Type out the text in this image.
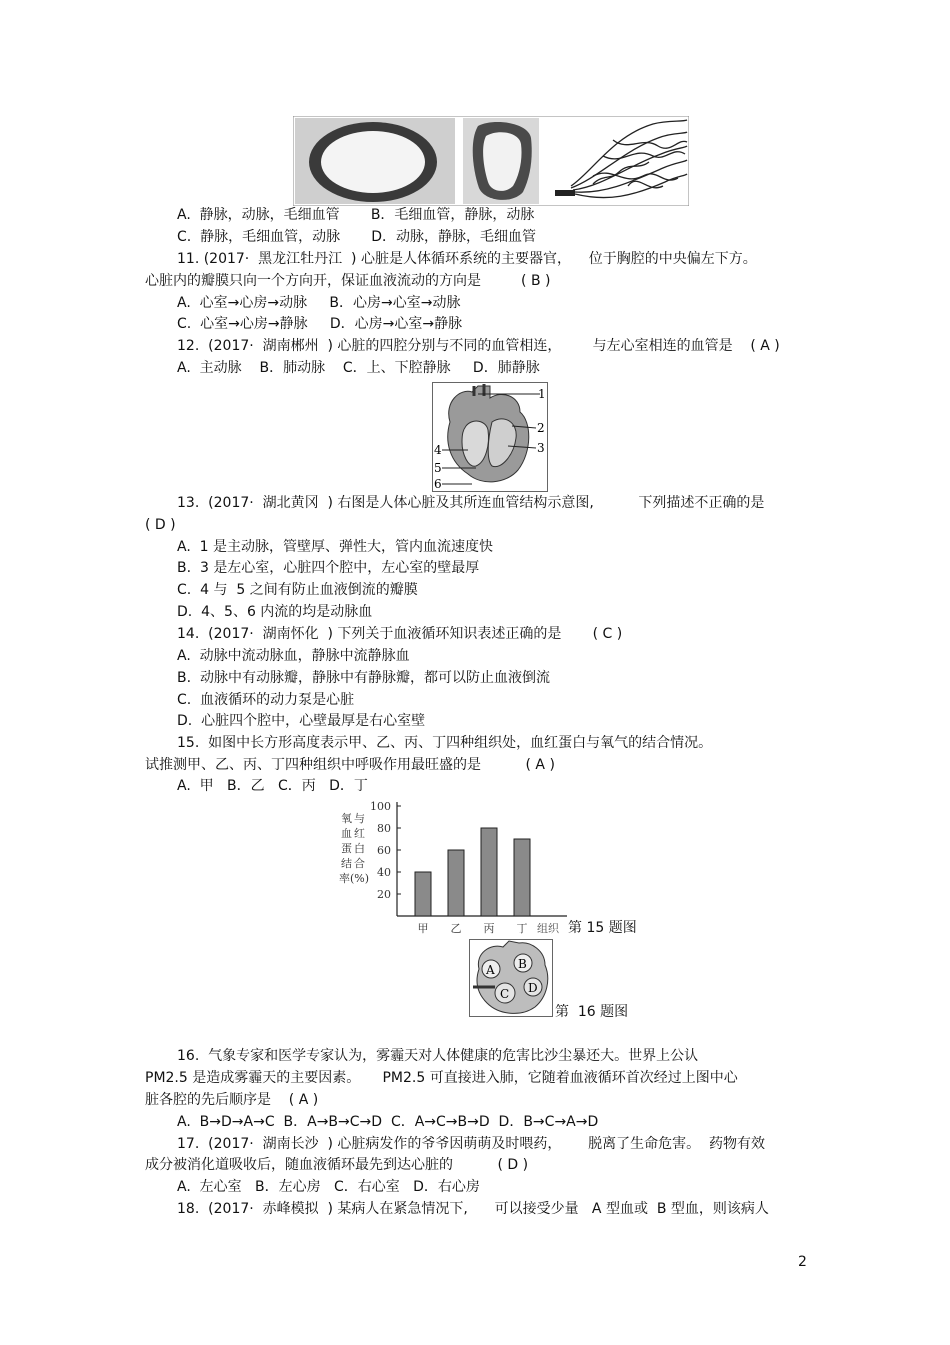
A.  静脉，动脉，毛细血管       B．毛细血管，静脉，动脉
C.  静脉，毛细血管，动脉       D．动脉，静脉，毛细血管
11. (2017·  黑龙江牡丹江  ) 心脏是人体循环系统的主要器官，    位于胸腔的中央偏左下方。
心脏内的瓣膜只向一个方向开，保证血液流动的方向是         ( B )
A.  心室→心房→动脉     B．心房→心室→动脉
C.  心室→心房→静脉     D．心房→心室→静脉
12.  (2017·  湖南郴州  ) 心脏的四腔分别与不同的血管相连，       与左心室相连的血管是    ( A )
A.  主动脉    B．肺动脉    C．上、下腔静脉     D．肺静脉
1
2
3
4
5
6
13.  (2017·  湖北黄冈  ) 右图是人体心脏及其所连血管结构示意图,          下列描述不正确的是
( D )
A.  1 是主动脉，管壁厚、弹性大，管内血流速度快
B.  3 是左心室，心脏四个腔中，左心室的壁最厚
C.  4 与  5 之间有防止血液倒流的瓣膜
D.  4、5、6 内流的均是动脉血
14.  (2017·  湖南怀化  ) 下列关于血液循环知识表述正确的是       ( C )
A.  动脉中流动脉血，静脉中流静脉血
B.  动脉中有动脉瓣，静脉中有静脉瓣，都可以防止血液倒流
C.  血液循环的动力泵是心脏
D.  心脏四个腔中，心壁最厚是右心室壁
15.  如图中长方形高度表示甲、乙、丙、丁四种组织处，血红蛋白与氧气的结合情况。
试推测甲、乙、丙、丁四种组织中呼吸作用最旺盛的是          ( A )
A.  甲   B．乙   C．丙   D．丁
氧 与
血 红
蛋 白
结 合
率(%)
20
40
60
80
100
甲 乙 丙 丁 组织 第 15 题图
A B
C D
第  16 题图
16.  气象专家和医学专家认为，雾霾天对人体健康的危害比沙尘暴还大。世界上公认
PM2.5 是造成雾霾天的主要因素。     PM2.5 可直接进入肺，它随着血液循环首次经过上图中心
脏各腔的先后顺序是    ( A )
A.  B→D→A→C  B．A→B→C→D  C．A→C→B→D  D．B→C→A→D
17.  (2017·  湖南长沙  ) 心脏病发作的爷爷因萌萌及时喂药，      脱离了生命危害。  药物有效
成分被消化道吸收后，随血液循环最先到达心脏的          ( D )
A.  左心室   B．左心房   C．右心室   D．右心房
18.  (2017·  赤峰模拟  ) 某病人在紧急情况下,      可以接受少量   A 型血或  B 型血，则该病人
2
